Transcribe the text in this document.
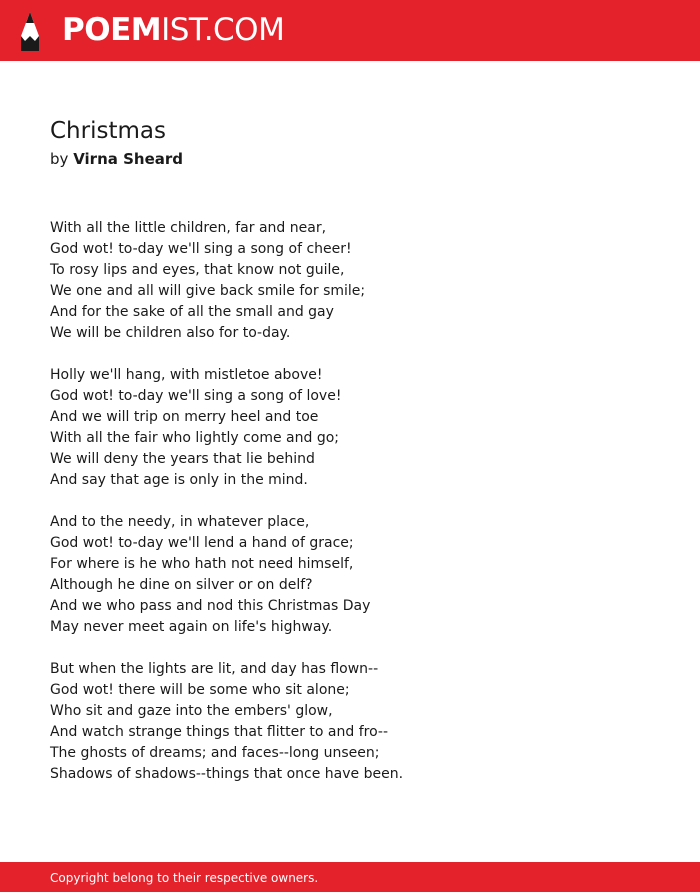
POEMIST.COM
Christmas
by Virna Sheard
With all the little children, far and near,
God wot! to-day we'll sing a song of cheer!
To rosy lips and eyes, that know not guile,
We one and all will give back smile for smile;
And for the sake of all the small and gay
We will be children also for to-day.
Holly we'll hang, with mistletoe above!
God wot! to-day we'll sing a song of love!
And we will trip on merry heel and toe
With all the fair who lightly come and go;
We will deny the years that lie behind
And say that age is only in the mind.
And to the needy, in whatever place,
God wot! to-day we'll lend a hand of grace;
For where is he who hath not need himself,
Although he dine on silver or on delf?
And we who pass and nod this Christmas Day
May never meet again on life's highway.
But when the lights are lit, and day has flown--
God wot! there will be some who sit alone;
Who sit and gaze into the embers' glow,
And watch strange things that flitter to and fro--
The ghosts of dreams; and faces--long unseen;
Shadows of shadows--things that once have been.
Copyright belong to their respective owners.
